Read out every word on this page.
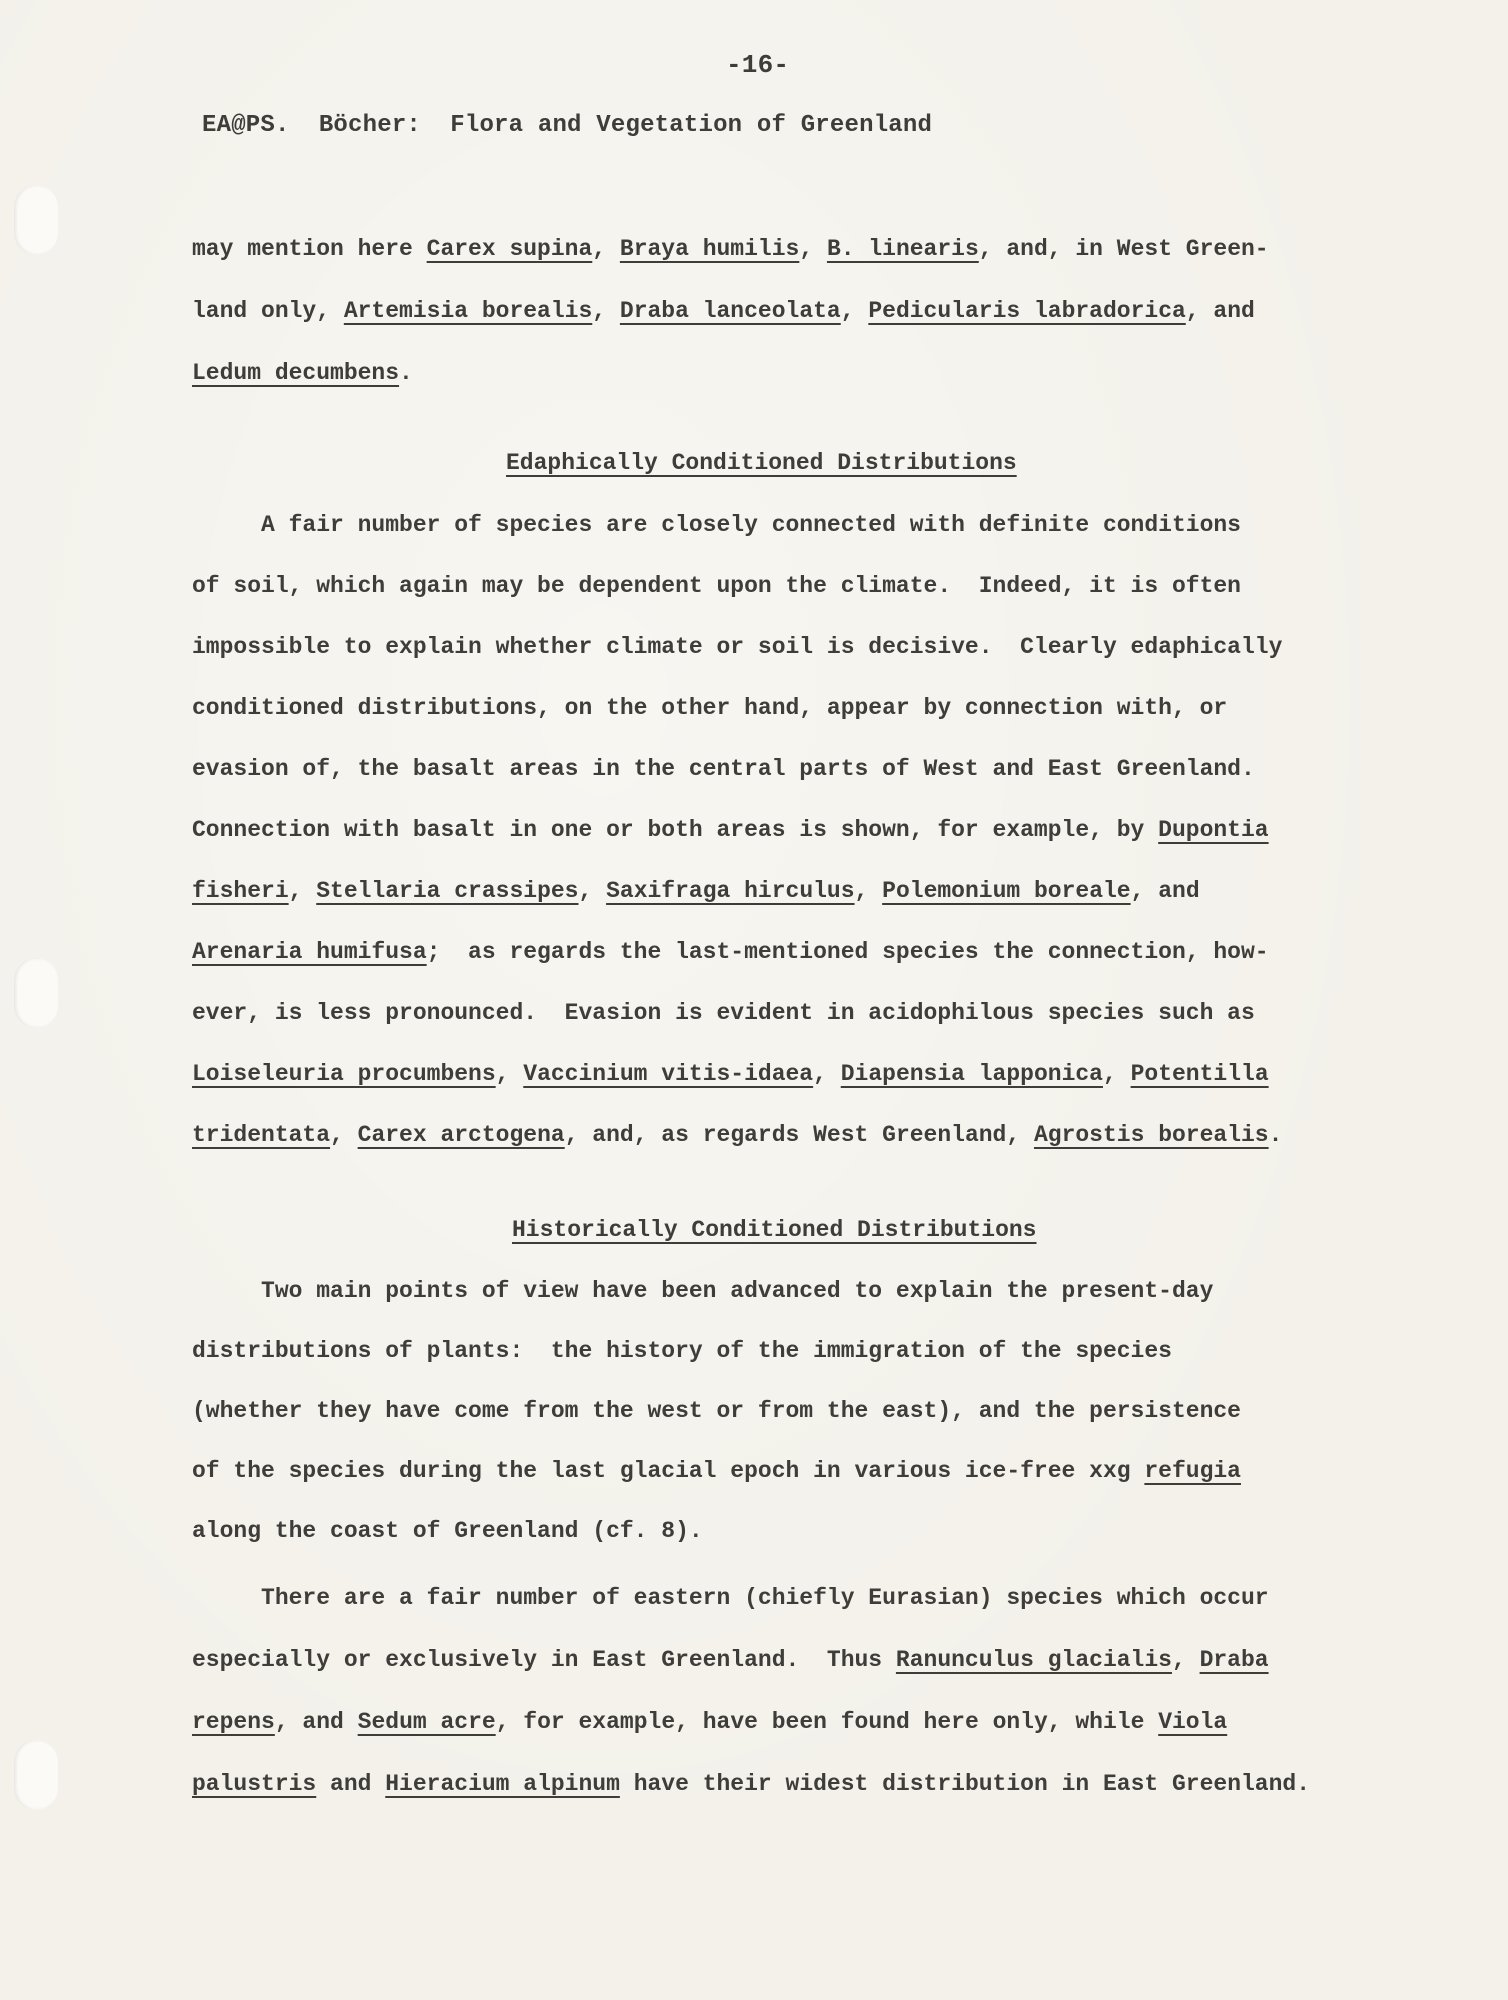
-16-
EA@PS.  Böcher:  Flora and Vegetation of Greenland
may mention here Carex supina, Braya humilis, B. linearis, and, in West Green-
land only, Artemisia borealis, Draba lanceolata, Pedicularis labradorica, and
Ledum decumbens.
Edaphically Conditioned Distributions
A fair number of species are closely connected with definite conditions
of soil, which again may be dependent upon the climate.  Indeed, it is often
impossible to explain whether climate or soil is decisive.  Clearly edaphically
conditioned distributions, on the other hand, appear by connection with, or
evasion of, the basalt areas in the central parts of West and East Greenland.
Connection with basalt in one or both areas is shown, for example, by Dupontia
fisheri, Stellaria crassipes, Saxifraga hirculus, Polemonium boreale, and
Arenaria humifusa;  as regards the last-mentioned species the connection, how-
ever, is less pronounced.  Evasion is evident in acidophilous species such as
Loiseleuria procumbens, Vaccinium vitis-idaea, Diapensia lapponica, Potentilla
tridentata, Carex arctogena, and, as regards West Greenland, Agrostis borealis.
Historically Conditioned Distributions
Two main points of view have been advanced to explain the present-day
distributions of plants:  the history of the immigration of the species
(whether they have come from the west or from the east), and the persistence
of the species during the last glacial epoch in various ice-free xxg refugia
along the coast of Greenland (cf. 8).
There are a fair number of eastern (chiefly Eurasian) species which occur
especially or exclusively in East Greenland.  Thus Ranunculus glacialis, Draba
repens, and Sedum acre, for example, have been found here only, while Viola
palustris and Hieracium alpinum have their widest distribution in East Greenland.
